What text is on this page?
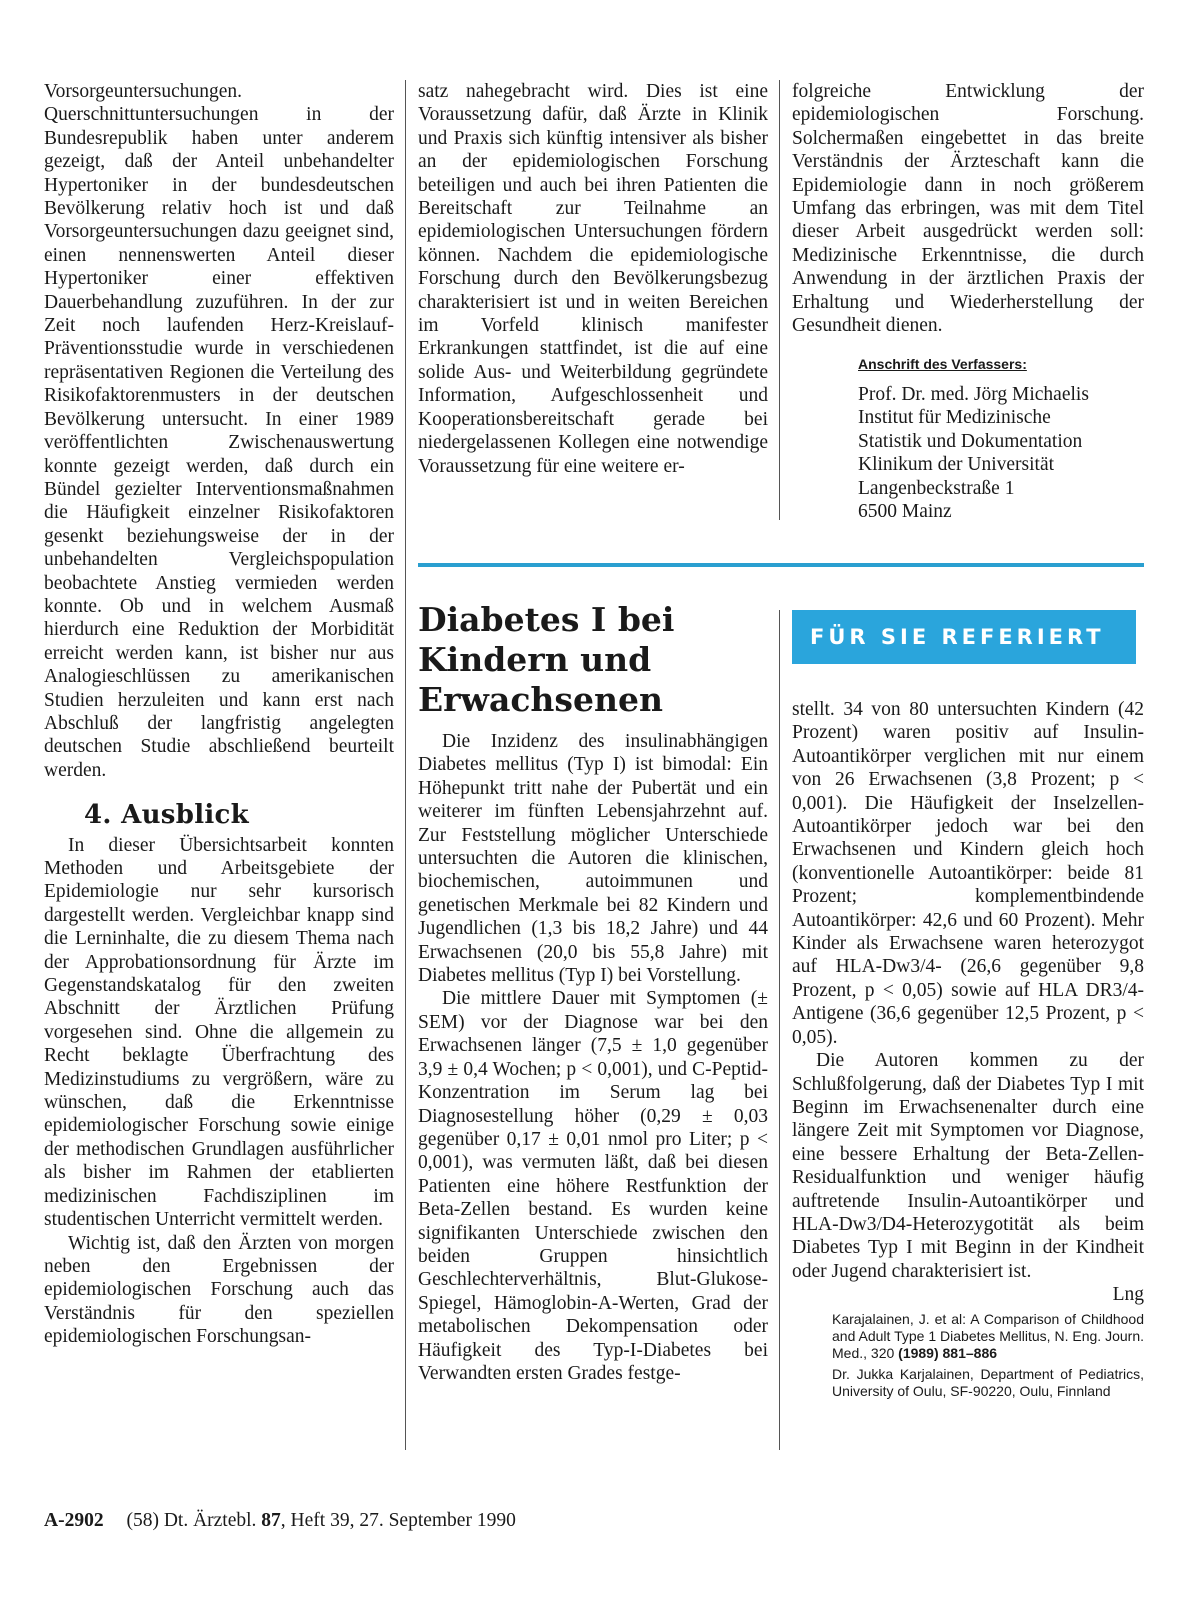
Vorsorgeuntersuchungen. Querschnittuntersuchungen in der Bundesrepublik haben unter anderem gezeigt, daß der Anteil unbehandelter Hypertoniker in der bundesdeutschen Bevölkerung relativ hoch ist und daß Vorsorgeuntersuchungen dazu geeignet sind, einen nennenswerten Anteil dieser Hypertoniker einer effektiven Dauerbehandlung zuzuführen. In der zur Zeit noch laufenden Herz-Kreislauf-Präventionsstudie wurde in verschiedenen repräsentativen Regionen die Verteilung des Risikofaktorenmusters in der deutschen Bevölkerung untersucht. In einer 1989 veröffentlichten Zwischenauswertung konnte gezeigt werden, daß durch ein Bündel gezielter Interventionsmaßnahmen die Häufigkeit einzelner Risikofaktoren gesenkt beziehungsweise der in der unbehandelten Vergleichspopulation beobachtete Anstieg vermieden werden konnte. Ob und in welchem Ausmaß hierdurch eine Reduktion der Morbidität erreicht werden kann, ist bisher nur aus Analogieschlüssen zu amerikanischen Studien herzuleiten und kann erst nach Abschluß der langfristig angelegten deutschen Studie abschließend beurteilt werden.

4. Ausblick

In dieser Übersichtsarbeit konnten Methoden und Arbeitsgebiete der Epidemiologie nur sehr kursorisch dargestellt werden. Vergleichbar knapp sind die Lerninhalte, die zu diesem Thema nach der Approbationsordnung für Ärzte im Gegenstandskatalog für den zweiten Abschnitt der Ärztlichen Prüfung vorgesehen sind. Ohne die allgemein zu Recht beklagte Überfrachtung des Medizinstudiums zu vergrößern, wäre zu wünschen, daß die Erkenntnisse epidemiologischer Forschung sowie einige der methodischen Grundlagen ausführlicher als bisher im Rahmen der etablierten medizinischen Fachdisziplinen im studentischen Unterricht vermittelt werden.

Wichtig ist, daß den Ärzten von morgen neben den Ergebnissen der epidemiologischen Forschung auch das Verständnis für den speziellen epidemiologischen Forschungsan-

satz nahegebracht wird. Dies ist eine Voraussetzung dafür, daß Ärzte in Klinik und Praxis sich künftig intensiver als bisher an der epidemiologischen Forschung beteiligen und auch bei ihren Patienten die Bereitschaft zur Teilnahme an epidemiologischen Untersuchungen fördern können. Nachdem die epidemiologische Forschung durch den Bevölkerungsbezug charakterisiert ist und in weiten Bereichen im Vorfeld klinisch manifester Erkrankungen stattfindet, ist die auf eine solide Aus- und Weiterbildung gegründete Information, Aufgeschlossenheit und Kooperationsbereitschaft gerade bei niedergelassenen Kollegen eine notwendige Voraussetzung für eine weitere er-

folgreiche Entwicklung der epidemiologischen Forschung. Solchermaßen eingebettet in das breite Verständnis der Ärzteschaft kann die Epidemiologie dann in noch größerem Umfang das erbringen, was mit dem Titel dieser Arbeit ausgedrückt werden soll: Medizinische Erkenntnisse, die durch Anwendung in der ärztlichen Praxis der Erhaltung und Wiederherstellung der Gesundheit dienen.

Anschrift des Verfassers:

Prof. Dr. med. Jörg Michaelis

Institut für Medizinische

Statistik und Dokumentation

Klinikum der Universität

Langenbeckstraße 1

6500 Mainz

Diabetes I bei Kindern und Erwachsenen
FÜR SIE REFERIERT

Die Inzidenz des insulinabhängigen Diabetes mellitus (Typ I) ist bimodal: Ein Höhepunkt tritt nahe der Pubertät und ein weiterer im fünften Lebensjahrzehnt auf. Zur Feststellung möglicher Unterschiede untersuchten die Autoren die klinischen, biochemischen, autoimmunen und genetischen Merkmale bei 82 Kindern und Jugendlichen (1,3 bis 18,2 Jahre) und 44 Erwachsenen (20,0 bis 55,8 Jahre) mit Diabetes mellitus (Typ I) bei Vorstellung.

Die mittlere Dauer mit Symptomen (± SEM) vor der Diagnose war bei den Erwachsenen länger (7,5 ± 1,0 gegenüber 3,9 ± 0,4 Wochen; p < 0,001), und C-Peptid-Konzentration im Serum lag bei Diagnosestellung höher (0,29 ± 0,03 gegenüber 0,17 ± 0,01 nmol pro Liter; p < 0,001), was vermuten läßt, daß bei diesen Patienten eine höhere Restfunktion der Beta-Zellen bestand. Es wurden keine signifikanten Unterschiede zwischen den beiden Gruppen hinsichtlich Geschlechterverhältnis, Blut-Glukose-Spiegel, Hämoglobin-A-Werten, Grad der metabolischen Dekompensation oder Häufigkeit des Typ-I-Diabetes bei Verwandten ersten Grades festge-

stellt. 34 von 80 untersuchten Kindern (42 Prozent) waren positiv auf Insulin-Autoantikörper verglichen mit nur einem von 26 Erwachsenen (3,8 Prozent; p < 0,001). Die Häufigkeit der Inselzellen-Autoantikörper jedoch war bei den Erwachsenen und Kindern gleich hoch (konventionelle Autoantikörper: beide 81 Prozent; komplementbindende Autoantikörper: 42,6 und 60 Prozent). Mehr Kinder als Erwachsene waren heterozygot auf HLA-Dw3/4- (26,6 gegenüber 9,8 Prozent, p < 0,05) sowie auf HLA DR3/4-Antigene (36,6 gegenüber 12,5 Prozent, p < 0,05).

Die Autoren kommen zu der Schlußfolgerung, daß der Diabetes Typ I mit Beginn im Erwachsenenalter durch eine längere Zeit mit Symptomen vor Diagnose, eine bessere Erhaltung der Beta-Zellen-Residualfunktion und weniger häufig auftretende Insulin-Autoantikörper und HLA-Dw3/D4-Heterozygotität als beim Diabetes Typ I mit Beginn in der Kindheit oder Jugend charakterisiert ist.

Lng

Karajalainen, J. et al: A Comparison of Childhood and Adult Type 1 Diabetes Mellitus, N. Eng. Journ. Med., 320 (1989) 881–886

Dr. Jukka Karjalainen, Department of Pediatrics, University of Oulu, SF-90220, Oulu, Finnland

A-2902 (58) Dt. Ärztebl. 87, Heft 39, 27. September 1990
